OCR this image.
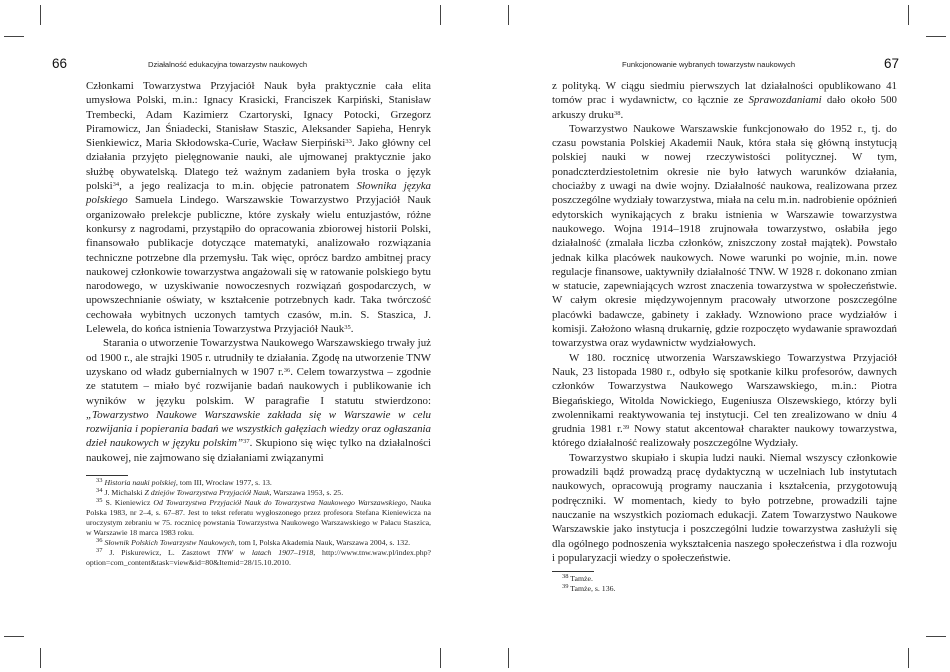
66	Działalność edukacyjna towarzystw naukowych

Członkami Towarzystwa Przyjaciół Nauk była praktycznie cała elita umysłowa Polski, m.in.: Ignacy Krasicki, Franciszek Karpiński, Stanisław Trembecki, Adam Kazimierz Czartoryski, Ignacy Potocki, Grzegorz Piramowicz, Jan Śniadecki, Stanisław Staszic, Aleksander Sapieha, Henryk Sienkiewicz, Maria Skłodowska-Curie, Wacław Sierpiński$^{33}$. Jako główny cel działania przyjęto pielęgnowanie nauki, ale ujmowanej praktycznie jako służbę obywatelską. Dlatego też ważnym zadaniem była troska o język polski$^{34}$, a jego realizacja to m.in. objęcie patronatem Słownika języka polskiego Samuela Lindego. Warszawskie Towarzystwo Przyjaciół Nauk organizowało prelekcje publiczne, które zyskały wielu entuzjastów, różne konkursy z nagrodami, przystąpiło do opracowania zbiorowej historii Polski, finansowało publikacje dotyczące matematyki, analizowało rozwiązania techniczne potrzebne dla przemysłu. Tak więc, oprócz bardzo ambitnej pracy naukowej członkowie towarzystwa angażowali się w ratowanie polskiego bytu narodowego, w uzyskiwanie nowoczesnych rozwiązań gospodarczych, w upowszechnianie oświaty, w kształcenie potrzebnych kadr. Taka twórczość cechowała wybitnych uczonych tamtych czasów, m.in. S. Staszica, J. Lelewela, do końca istnienia Towarzystwa Przyjaciół Nauk$^{35}$.

Starania o utworzenie Towarzystwa Naukowego Warszawskiego trwały już od 1900 r., ale strajki 1905 r. utrudniły te działania. Zgodę na utworzenie TNW uzyskano od władz gubernialnych w 1907 r.$^{36}$. Celem towarzystwa – zgodnie ze statutem – miało być rozwijanie badań naukowych i publikowanie ich wyników w języku polskim. W paragrafie I statutu stwierdzono: „Towarzystwo Naukowe Warszawskie zakłada się w Warszawie w celu rozwijania i popierania badań we wszystkich gałęziach wiedzy oraz ogłaszania dzieł naukowych w języku polskim”$^{37}$. Skupiono się więc tylko na działalności naukowej, nie zajmowano się działaniami związanymi

$^{33}$ Historia nauki polskiej, tom III, Wrocław 1977, s. 13.

$^{34}$ J. Michalski Z dziejów Towarzystwa Przyjaciół Nauk, Warszawa 1953, s. 25.

$^{35}$ S. Kieniewicz Od Towarzystwa Przyjaciół Nauk do Towarzystwa Naukowego Warszawskiego, Nauka Polska 1983, nr 2–4, s. 67–87. Jest to tekst referatu wygłoszonego przez profesora Stefana Kieniewicza na uroczystym zebraniu w 75. rocznicę powstania Towarzystwa Naukowego Warszawskiego w Pałacu Staszica, w Warszawie 18 marca 1983 roku.

$^{36}$ Słownik Polskich Towarzystw Naukowych, tom I, Polska Akademia Nauk, Warszawa 2004, s. 132.

$^{37}$ J. Piskurewicz, L. Zasztowt TNW w latach 1907–1918, http://www.tnw.waw.pl/index.php?option=com_content&task=view&id=80&Itemid=28/15.10.2010.

67
Funkcjonowanie wybranych towarzystw naukowych

z polityką. W ciągu siedmiu pierwszych lat działalności opublikowano 41 tomów prac i wydawnictw, co łącznie ze Sprawozdaniami dało około 500 arkuszy druku$^{38}$.

Towarzystwo Naukowe Warszawskie funkcjonowało do 1952 r., tj. do czasu powstania Polskiej Akademii Nauk, która stała się główną instytucją polskiej nauki w nowej rzeczywistości politycznej. W tym, ponadczterdziestoletnim okresie nie było łatwych warunków działania, chociażby z uwagi na dwie wojny. Działalność naukowa, realizowana przez poszczególne wydziały towarzystwa, miała na celu m.in. nadrobienie opóźnień edytorskich wynikających z braku istnienia w Warszawie towarzystwa naukowego. Wojna 1914–1918 zrujnowała towarzystwo, osłabiła jego działalność (zmalała liczba członków, zniszczony został majątek). Powstało jednak kilka placówek naukowych. Nowe warunki po wojnie, m.in. nowe regulacje finansowe, uaktywniły działalność TNW. W 1928 r. dokonano zmian w statucie, zapewniających wzrost znaczenia towarzystwa w społeczeństwie. W całym okresie międzywojennym pracowały utworzone poszczególne placówki badawcze, gabinety i zakłady. Wznowiono prace wydziałów i komisji. Założono własną drukarnię, gdzie rozpoczęto wydawanie sprawozdań towarzystwa oraz wydawnictw wydziałowych.

W 180. rocznicę utworzenia Warszawskiego Towarzystwa Przyjaciół Nauk, 23 listopada 1980 r., odbyło się spotkanie kilku profesorów, dawnych członków Towarzystwa Naukowego Warszawskiego, m.in.: Piotra Biegańskiego, Witolda Nowickiego, Eugeniusza Olszewskiego, którzy byli zwolennikami reaktywowania tej instytucji. Cel ten zrealizowano w dniu 4 grudnia 1981 r.$^{39}$ Nowy statut akcentował charakter naukowy towarzystwa, którego działalność realizowały poszczególne Wydziały.

Towarzystwo skupiało i skupia ludzi nauki. Niemal wszyscy członkowie prowadzili bądź prowadzą pracę dydaktyczną w uczelniach lub instytutach naukowych, opracowują programy nauczania i kształcenia, przygotowują podręczniki. W momentach, kiedy to było potrzebne, prowadzili tajne nauczanie na wszystkich poziomach edukacji. Zatem Towarzystwo Naukowe Warszawskie jako instytucja i poszczególni ludzie towarzystwa zasłużyli się dla ogólnego podnoszenia wykształcenia naszego społeczeństwa i dla rozwoju i popularyzacji wiedzy o społeczeństwie.

$^{38}$ Tamże.

$^{39}$ Tamże, s. 136.
